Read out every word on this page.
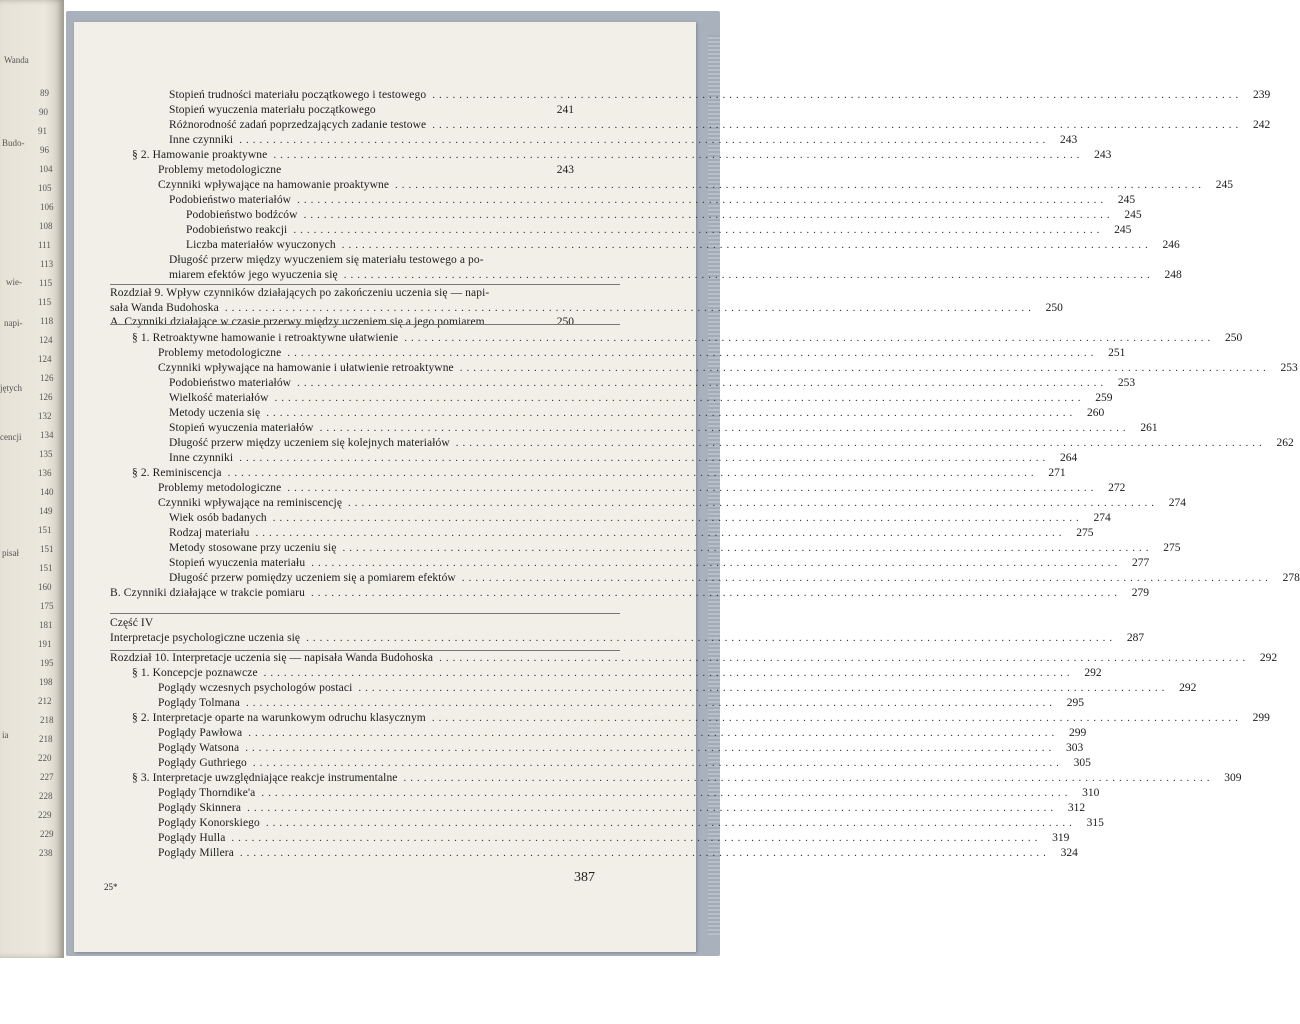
Wanda
Budo-
wie-
napi-
jętych
cencji
pisał
ia
89
90
91
96
104
105
106
108
111
113
115
115
118
124
124
126
126
132
134
135
136
140
149
151
151
151
160
175
181
191
195
198
212
218
218
220
227
228
229
229
238
Stopień trudności materiału początkowego i testowego ........................................................................................................................ 239
Stopień wyuczenia materiału początkowego	241
Różnorodność zadań poprzedzających zadanie testowe ........................................................................................................................ 242
Inne czynniki ........................................................................................................................ 243
§ 2. Hamowanie proaktywne ........................................................................................................................ 243
Problemy metodologiczne	243
Czynniki wpływające na hamowanie proaktywne ........................................................................................................................ 245
Podobieństwo materiałów ........................................................................................................................ 245
Podobieństwo bodźców ........................................................................................................................ 245
Podobieństwo reakcji ........................................................................................................................ 245
Liczba materiałów wyuczonych ........................................................................................................................ 246
Długość przerw między wyuczeniem się materiału testowego a po-
miarem efektów jego wyuczenia się ........................................................................................................................ 248
Rozdział 9. Wpływ czynników działających po zakończeniu uczenia się — napi-
sała Wanda Budohoska ........................................................................................................................ 250
A. Czynniki działające w czasie przerwy między uczeniem się a jego pomiarem	250
§ 1. Retroaktywne hamowanie i retroaktywne ułatwienie ........................................................................................................................ 250
Problemy metodologiczne ........................................................................................................................ 251
Czynniki wpływające na hamowanie i ułatwienie retroaktywne ........................................................................................................................ 253
Podobieństwo materiałów ........................................................................................................................ 253
Wielkość materiałów ........................................................................................................................ 259
Metody uczenia się ........................................................................................................................ 260
Stopień wyuczenia materiałów ........................................................................................................................ 261
Długość przerw między uczeniem się kolejnych materiałów ........................................................................................................................ 262
Inne czynniki ........................................................................................................................ 264
§ 2. Reminiscencja ........................................................................................................................ 271
Problemy metodologiczne ........................................................................................................................ 272
Czynniki wpływające na reminiscencję ........................................................................................................................ 274
Wiek osób badanych ........................................................................................................................ 274
Rodzaj materiału ........................................................................................................................ 275
Metody stosowane przy uczeniu się ........................................................................................................................ 275
Stopień wyuczenia materiału ........................................................................................................................ 277
Długość przerw pomiędzy uczeniem się a pomiarem efektów ........................................................................................................................ 278
B. Czynniki działające w trakcie pomiaru ........................................................................................................................ 279
Część IV
Interpretacje psychologiczne uczenia się ........................................................................................................................ 287
Rozdział 10. Interpretacje uczenia się — napisała Wanda Budohoska ........................................................................................................................ 292
§ 1. Koncepcje poznawcze ........................................................................................................................ 292
Poglądy wczesnych psychologów postaci ........................................................................................................................ 292
Poglądy Tolmana ........................................................................................................................ 295
§ 2. Interpretacje oparte na warunkowym odruchu klasycznym ........................................................................................................................ 299
Poglądy Pawłowa ........................................................................................................................ 299
Poglądy Watsona ........................................................................................................................ 303
Poglądy Guthriego ........................................................................................................................ 305
§ 3. Interpretacje uwzględniające reakcje instrumentalne ........................................................................................................................ 309
Poglądy Thorndike'a ........................................................................................................................ 310
Poglądy Skinnera ........................................................................................................................ 312
Poglądy Konorskiego ........................................................................................................................ 315
Poglądy Hulla ........................................................................................................................ 319
Poglądy Millera ........................................................................................................................ 324
25*
387
